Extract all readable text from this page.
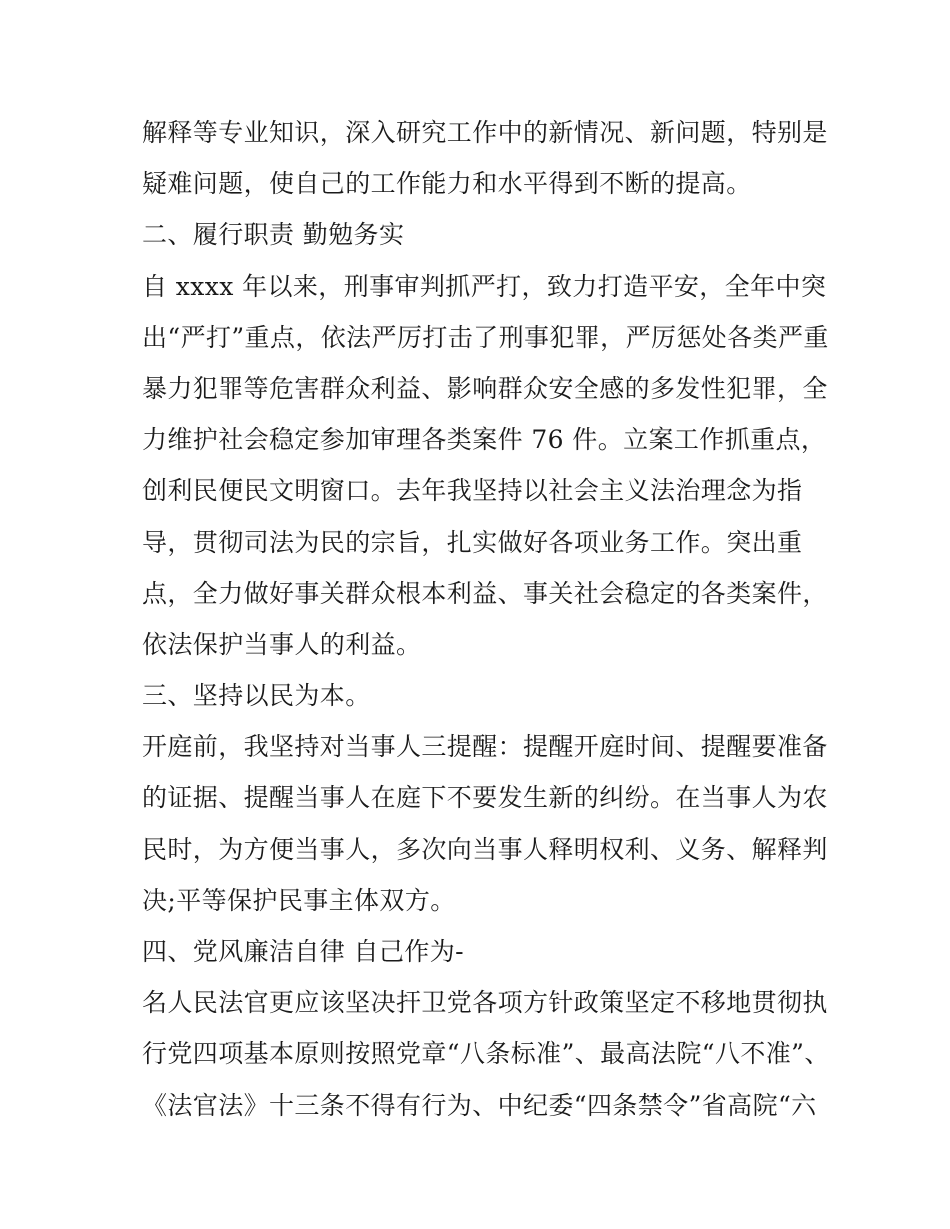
解释等专业知识，深入研究工作中的新情况、新问题，特别是
疑难问题，使自己的工作能力和水平得到不断的提高。
二、履行职责 勤勉务实
自 xxxx 年以来，刑事审判抓严打，致力打造平安，全年中突
出“严打”重点，依法严厉打击了刑事犯罪，严厉惩处各类严重
暴力犯罪等危害群众利益、影响群众安全感的多发性犯罪，全
力维护社会稳定参加审理各类案件 76 件。立案工作抓重点，
创利民便民文明窗口。去年我坚持以社会主义法治理念为指
导，贯彻司法为民的宗旨，扎实做好各项业务工作。突出重
点，全力做好事关群众根本利益、事关社会稳定的各类案件，
依法保护当事人的利益。
三、坚持以民为本。
开庭前，我坚持对当事人三提醒：提醒开庭时间、提醒要准备
的证据、提醒当事人在庭下不要发生新的纠纷。在当事人为农
民时，为方便当事人，多次向当事人释明权利、义务、解释判
决;平等保护民事主体双方。
四、党风廉洁自律 自己作为-
名人民法官更应该坚决扞卫党各项方针政策坚定不移地贯彻执
行党四项基本原则按照党章“八条标准”、最高法院“八不准”、
《法官法》十三条不得有行为、中纪委“四条禁令”省高院“六
